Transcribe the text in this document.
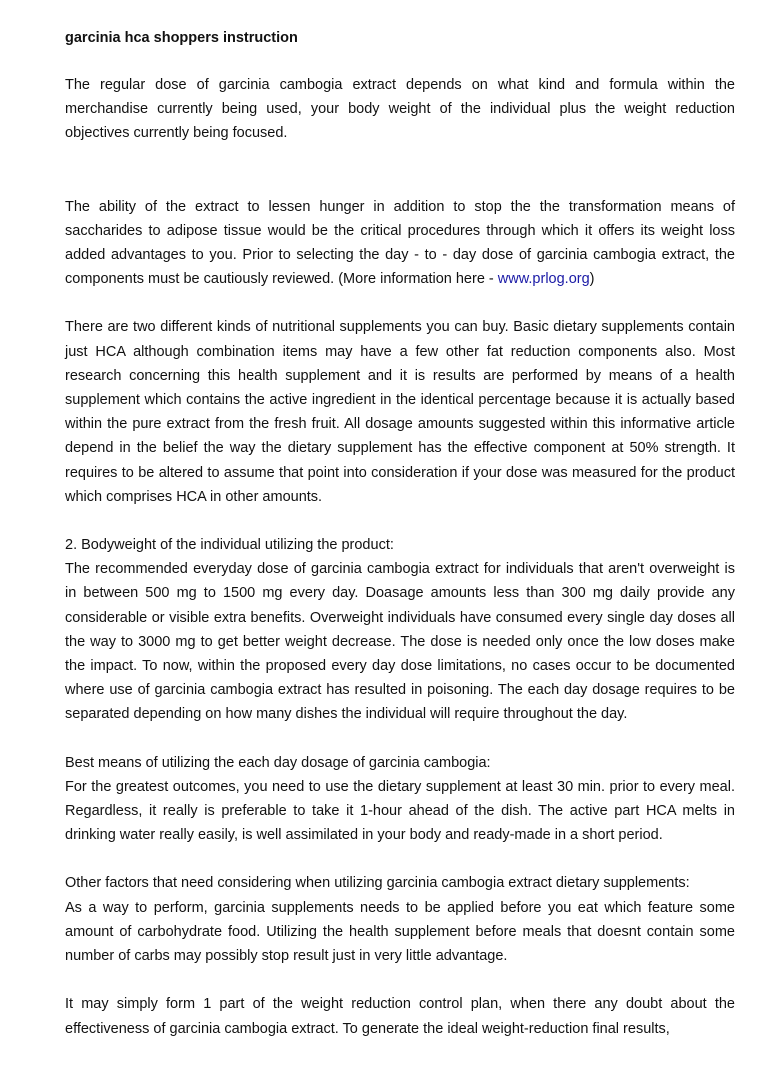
garcinia hca shoppers instruction

The regular dose of garcinia cambogia extract depends on what kind and formula within the merchandise currently being used, your body weight of the individual plus the weight reduction objectives currently being focused.

The ability of the extract to lessen hunger in addition to stop the the transformation means of saccharides to adipose tissue would be the critical procedures through which it offers its weight loss added advantages to you. Prior to selecting the day - to - day dose of garcinia cambogia extract, the components must be cautiously reviewed. (More information here - www.prlog.org)

There are two different kinds of nutritional supplements you can buy. Basic dietary supplements contain just HCA although combination items may have a few other fat reduction components also. Most research concerning this health supplement and it is results are performed by means of a health supplement which contains the active ingredient in the identical percentage because it is actually based within the pure extract from the fresh fruit. All dosage amounts suggested within this informative article depend in the belief the way the dietary supplement has the effective component at 50% strength. It requires to be altered to assume that point into consideration if your dose was measured for the product which comprises HCA in other amounts.

2. Bodyweight of the individual utilizing the product:
The recommended everyday dose of garcinia cambogia extract for individuals that aren't overweight is in between 500 mg to 1500 mg every day. Doasage amounts less than 300 mg daily provide any considerable or visible extra benefits. Overweight individuals have consumed every single day doses all the way to 3000 mg to get better weight decrease. The dose is needed only once the low doses make the impact. To now, within the proposed every day dose limitations, no cases occur to be documented where use of garcinia cambogia extract has resulted in poisoning. The each day dosage requires to be separated depending on how many dishes the individual will require throughout the day.

Best means of utilizing the each day dosage of garcinia cambogia:
For the greatest outcomes, you need to use the dietary supplement at least 30 min. prior to every meal. Regardless, it really is preferable to take it 1-hour ahead of the dish. The active part HCA melts in drinking water really easily, is well assimilated in your body and ready-made in a short period.

Other factors that need considering when utilizing garcinia cambogia extract dietary supplements:
As a way to perform, garcinia supplements needs to be applied before you eat which feature some amount of carbohydrate food. Utilizing the health supplement before meals that doesnt contain some number of carbs may possibly stop result just in very little advantage.

It may simply form 1 part of the weight reduction control plan, when there any doubt about the effectiveness of garcinia cambogia extract. To generate the ideal weight-reduction final results,
